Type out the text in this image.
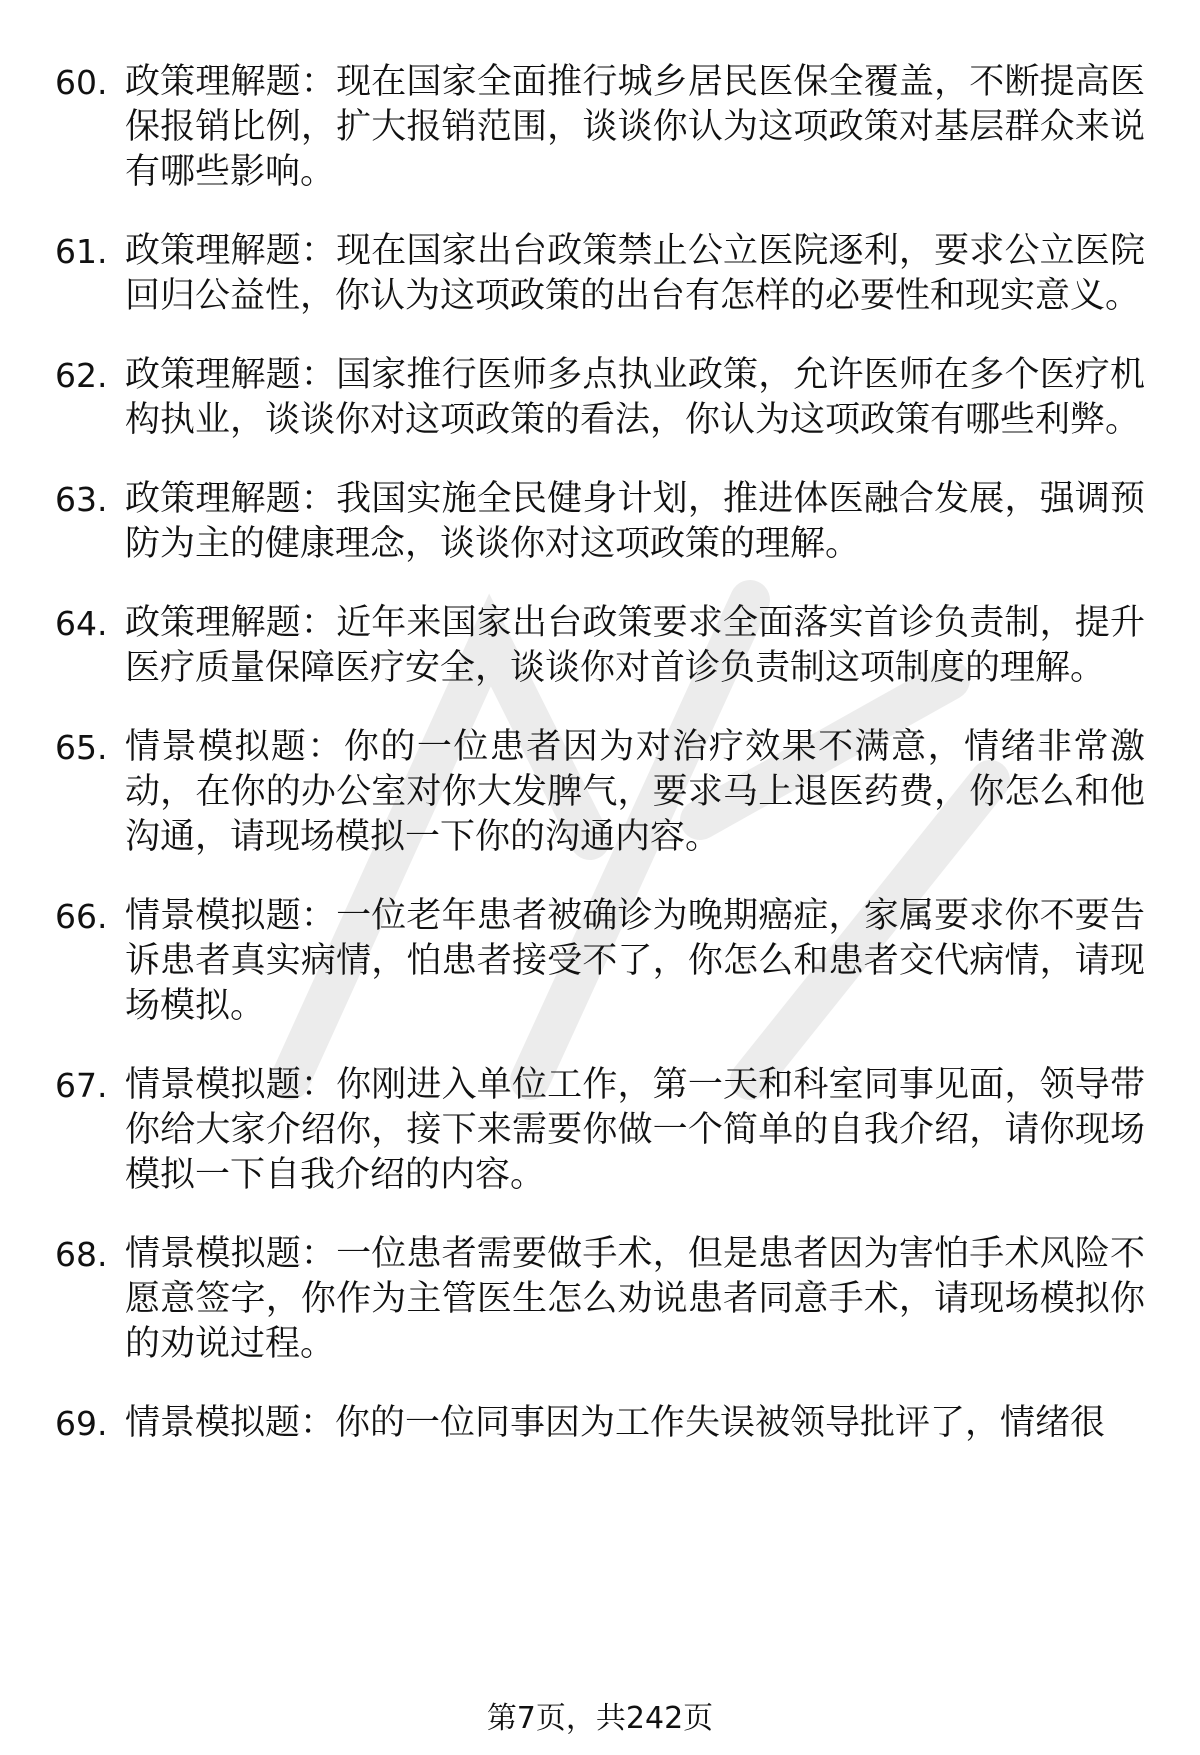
60. 政策理解题：现在国家全面推行城乡居民医保全覆盖，不断提高医保报销比例，扩大报销范围，谈谈你认为这项政策对基层群众来说有哪些影响。
61. 政策理解题：现在国家出台政策禁止公立医院逐利，要求公立医院回归公益性，你认为这项政策的出台有怎样的必要性和现实意义。
62. 政策理解题：国家推行医师多点执业政策，允许医师在多个医疗机构执业，谈谈你对这项政策的看法，你认为这项政策有哪些利弊。
63. 政策理解题：我国实施全民健身计划，推进体医融合发展，强调预防为主的健康理念，谈谈你对这项政策的理解。
64. 政策理解题：近年来国家出台政策要求全面落实首诊负责制，提升医疗质量保障医疗安全，谈谈你对首诊负责制这项制度的理解。
65. 情景模拟题：你的一位患者因为对治疗效果不满意，情绪非常激动，在你的办公室对你大发脾气，要求马上退医药费，你怎么和他沟通，请现场模拟一下你的沟通内容。
66. 情景模拟题：一位老年患者被确诊为晚期癌症，家属要求你不要告诉患者真实病情，怕患者接受不了，你怎么和患者交代病情，请现场模拟。
67. 情景模拟题：你刚进入单位工作，第一天和科室同事见面，领导带你给大家介绍你，接下来需要你做一个简单的自我介绍，请你现场模拟一下自我介绍的内容。
68. 情景模拟题：一位患者需要做手术，但是患者因为害怕手术风险不愿意签字，你作为主管医生怎么劝说患者同意手术，请现场模拟你的劝说过程。
69. 情景模拟题：你的一位同事因为工作失误被领导批评了，情绪很
第7页，共242页
